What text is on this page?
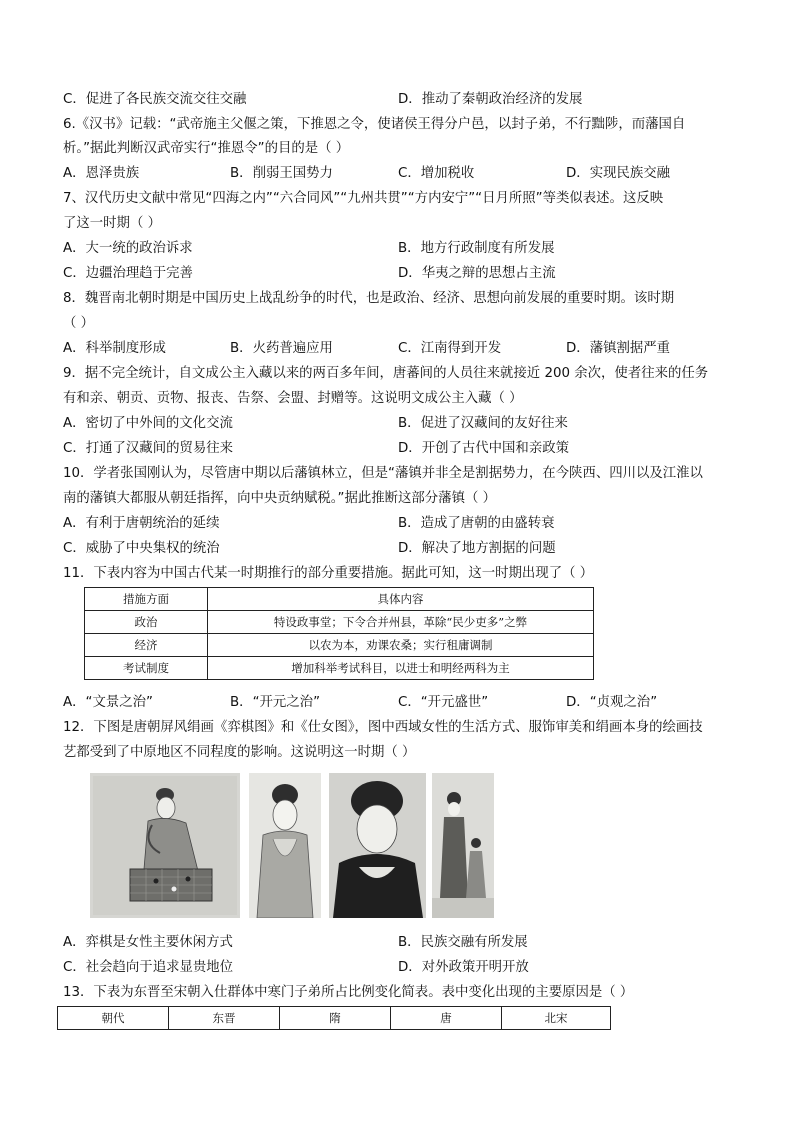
C．促进了各民族交流交往交融	D．推动了秦朝政治经济的发展
6.《汉书》记载：“武帝施主父偃之策，下推恩之令，使诸侯王得分户邑，以封子弟，不行黜陟，而藩国自
析。”据此判断汉武帝实行“推恩令”的目的是（ ）
A．恩泽贵族	B．削弱王国势力	C．增加税收	D．实现民族交融
7、汉代历史文献中常见“四海之内”“六合同风”“九州共贯”“方内安宁”“日月所照”等类似表述。这反映
了这一时期（ ）
A．大一统的政治诉求	B．地方行政制度有所发展
C．边疆治理趋于完善	D．华夷之辩的思想占主流
8．魏晋南北朝时期是中国历史上战乱纷争的时代，也是政治、经济、思想向前发展的重要时期。该时期
（ ）
A．科举制度形成	B．火药普遍应用	C．江南得到开发	D．藩镇割据严重
9．据不完全统计，自文成公主入藏以来的两百多年间，唐蕃间的人员往来就接近 200 余次，使者往来的任务
有和亲、朝贡、贡物、报丧、告祭、会盟、封赠等。这说明文成公主入藏（ ）
A．密切了中外间的文化交流	B．促进了汉藏间的友好往来
C．打通了汉藏间的贸易往来	D．开创了古代中国和亲政策
10．学者张国刚认为，尽管唐中期以后藩镇林立，但是“藩镇并非全是割据势力，在今陕西、四川以及江淮以
南的藩镇大都服从朝廷指挥，向中央贡纳赋税。”据此推断这部分藩镇（ ）
A．有利于唐朝统治的延续	B．造成了唐朝的由盛转衰
C．威胁了中央集权的统治	D．解决了地方割据的问题
11．下表内容为中国古代某一时期推行的部分重要措施。据此可知，这一时期出现了（ ）
措施方面	具体内容
政治	特设政事堂；下令合并州县，革除“民少吏多”之弊
经济	以农为本，劝课农桑；实行租庸调制
考试制度	增加科举考试科目，以进士和明经两科为主
A．“文景之治”	B．“开元之治”	C．“开元盛世”	D．“贞观之治”
12．下图是唐朝屏风绢画《弈棋图》和《仕女图》，图中西域女性的生活方式、服饰审美和绢画本身的绘画技
艺都受到了中原地区不同程度的影响。这说明这一时期（ ）
A．弈棋是女性主要休闲方式	B．民族交融有所发展
C．社会趋向于追求显贵地位	D．对外政策开明开放
13．下表为东晋至宋朝入仕群体中寒门子弟所占比例变化简表。表中变化出现的主要原因是（ ）
朝代	东晋	隋	唐	北宋
